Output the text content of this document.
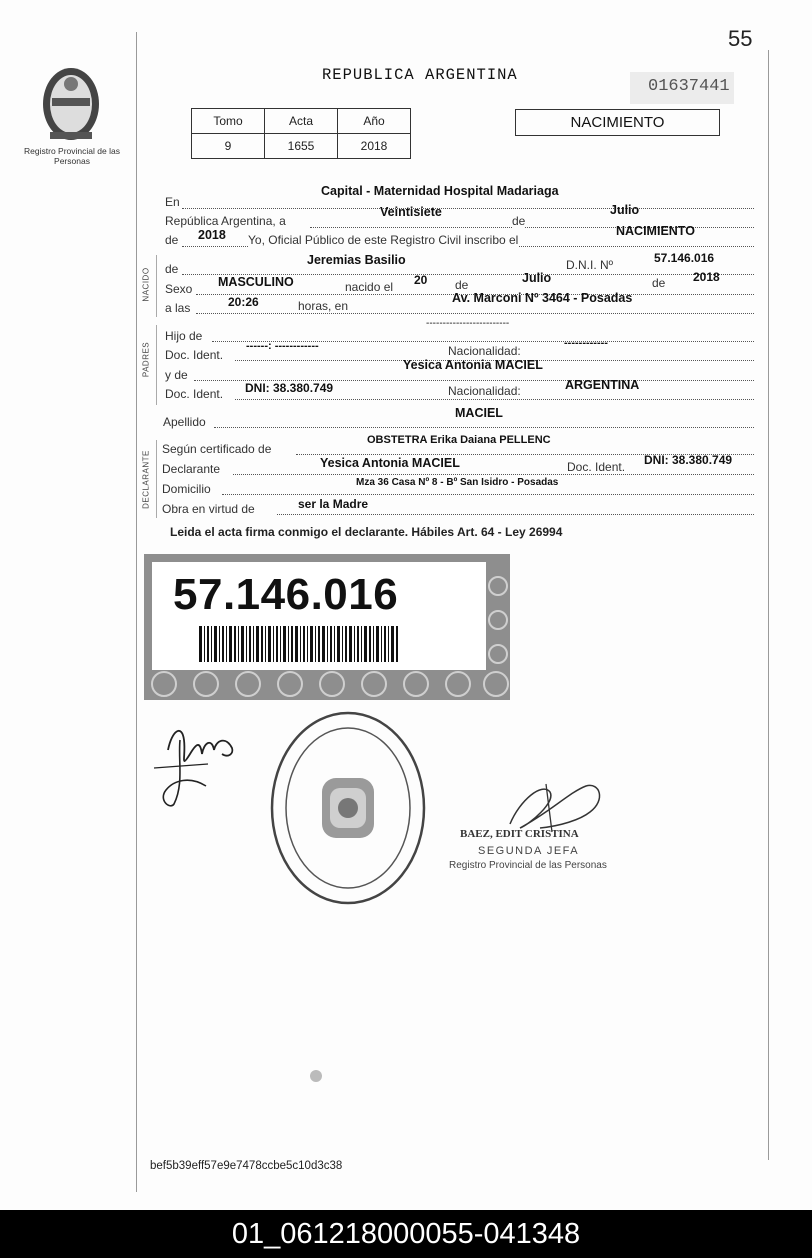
55
Registro Provincial de las Personas
REPUBLICA ARGENTINA
01637441
NACIMIENTO
Tomo	Acta	Año
9	1655	2018
En
Capital - Maternidad Hospital Madariaga
República Argentina, a
Veintisiete
de
Julio
de 2018 Yo, Oficial Público de este Registro Civil inscribo el
NACIMIENTO
NACIDO
PADRES
DECLARANTE
de
Jeremias Basilio	D.N.I. Nº	57.146.016
Sexo MASCULINO	nacido el 20 de	Julio	de 2018
a las	20:26	horas, en
Av. Marconi Nº 3464 - Posadas
Hijo de
-------------------------
Doc. Ident.
------: ------------	Nacionalidad:
------------
y de
Yesica Antonia MACIEL
Doc. Ident. DNI: 38.380.749	Nacionalidad:	ARGENTINA
Apellido
MACIEL
Según certificado de
OBSTETRA Erika Daiana PELLENC
Declarante	Yesica Antonia MACIEL	Doc. Ident. DNI: 38.380.749
Domicilio	Mza 36 Casa Nº 8 - Bº San Isidro - Posadas
Obra en virtud de	ser la Madre
Leida el acta firma conmigo el declarante. Hábiles Art. 64 - Ley 26994
57.146.016
BAEZ, EDIT CRISTINA
SEGUNDA JEFA
Registro Provincial de las Personas
bef5b39eff57e9e7478ccbe5c10d3c38
01_061218000055-041348
